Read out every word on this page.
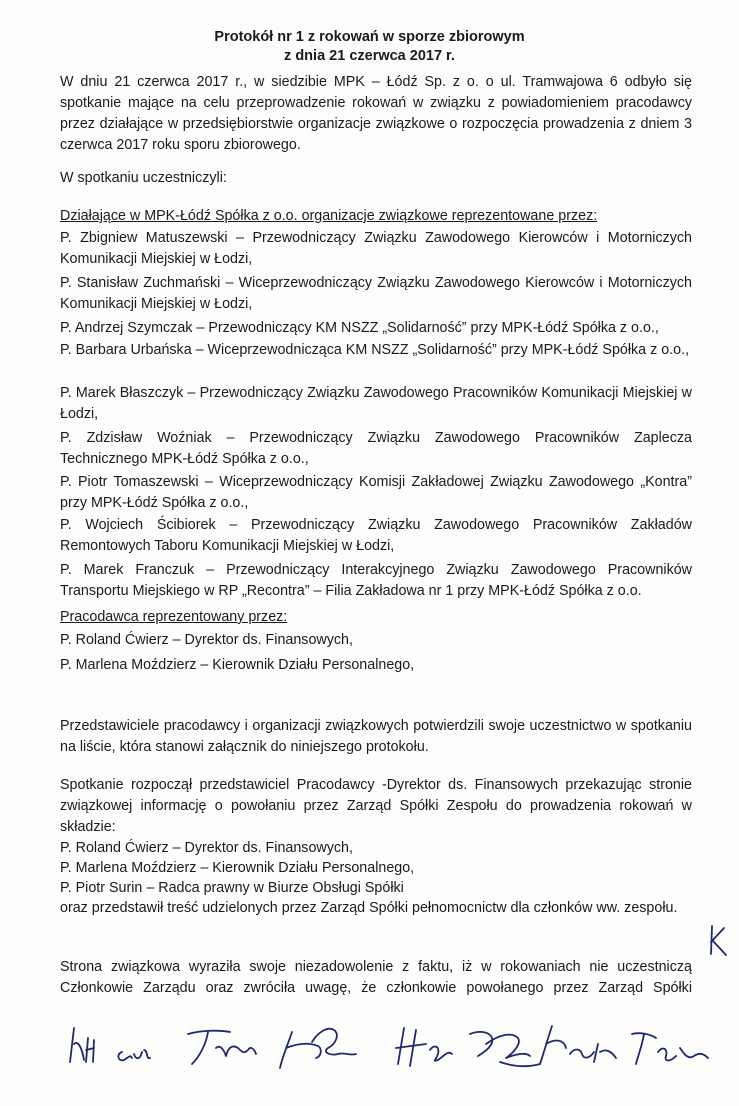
Protokół nr 1 z rokowań w sporze zbiorowym
z dnia 21 czerwca 2017 r.

W dniu 21 czerwca 2017 r., w siedzibie MPK – Łódź Sp. z o. o ul. Tramwajowa 6 odbyło się spotkanie mające na celu przeprowadzenie rokowań w związku z powiadomieniem pracodawcy przez działające w przedsiębiorstwie organizacje związkowe o rozpoczęcia prowadzenia z dniem 3 czerwca 2017 roku sporu zbiorowego.

W spotkaniu uczestniczyli:

Działające w MPK-Łódź Spółka z o.o. organizacje związkowe reprezentowane przez:

P. Zbigniew Matuszewski – Przewodniczący Związku Zawodowego Kierowców i Motorniczych Komunikacji Miejskiej w Łodzi,

P. Stanisław Zuchmański – Wiceprzewodniczący Związku Zawodowego Kierowców i Motorniczych Komunikacji Miejskiej w Łodzi,

P. Andrzej Szymczak – Przewodniczący KM NSZZ „Solidarność” przy MPK-Łódź Spółka z o.o.,

P. Barbara Urbańska – Wiceprzewodnicząca KM NSZZ „Solidarność” przy MPK-Łódź Spółka z o.o.,

P. Marek Błaszczyk – Przewodniczący Związku Zawodowego Pracowników Komunikacji Miejskiej w Łodzi,

P. Zdzisław Woźniak – Przewodniczący Związku Zawodowego Pracowników Zaplecza Technicznego MPK-Łódź Spółka z o.o.,

P. Piotr Tomaszewski – Wiceprzewodniczący Komisji Zakładowej Związku Zawodowego „Kontra” przy MPK-Łódź Spółka z o.o.,

P. Wojciech Ścibiorek – Przewodniczący Związku Zawodowego Pracowników Zakładów Remontowych Taboru Komunikacji Miejskiej w Łodzi,

P. Marek Franczuk – Przewodniczący Interakcyjnego Związku Zawodowego Pracowników Transportu Miejskiego w RP „Recontra” – Filia Zakładowa nr 1 przy MPK-Łódź Spółka z o.o.

Pracodawca reprezentowany przez:

P. Roland Ćwierz – Dyrektor ds. Finansowych,

P. Marlena Moździerz – Kierownik Działu Personalnego,

Przedstawiciele pracodawcy i organizacji związkowych potwierdzili swoje uczestnictwo w spotkaniu na liście, która stanowi załącznik do niniejszego protokołu.

Spotkanie rozpoczął przedstawiciel Pracodawcy -Dyrektor ds. Finansowych przekazując stronie związkowej informację o powołaniu przez Zarząd Spółki Zespołu do prowadzenia rokowań w składzie:

P. Roland Ćwierz – Dyrektor ds. Finansowych,

P. Marlena Moździerz – Kierownik Działu Personalnego,

P. Piotr Surin – Radca prawny w Biurze Obsługi Spółki

oraz przedstawił treść udzielonych przez Zarząd Spółki pełnomocnictw dla członków ww. zespołu.

Strona związkowa wyraziła swoje niezadowolenie z faktu, iż w rokowaniach nie uczestniczą Członkowie Zarządu oraz zwróciła uwagę, że członkowie powołanego przez Zarząd Spółki
